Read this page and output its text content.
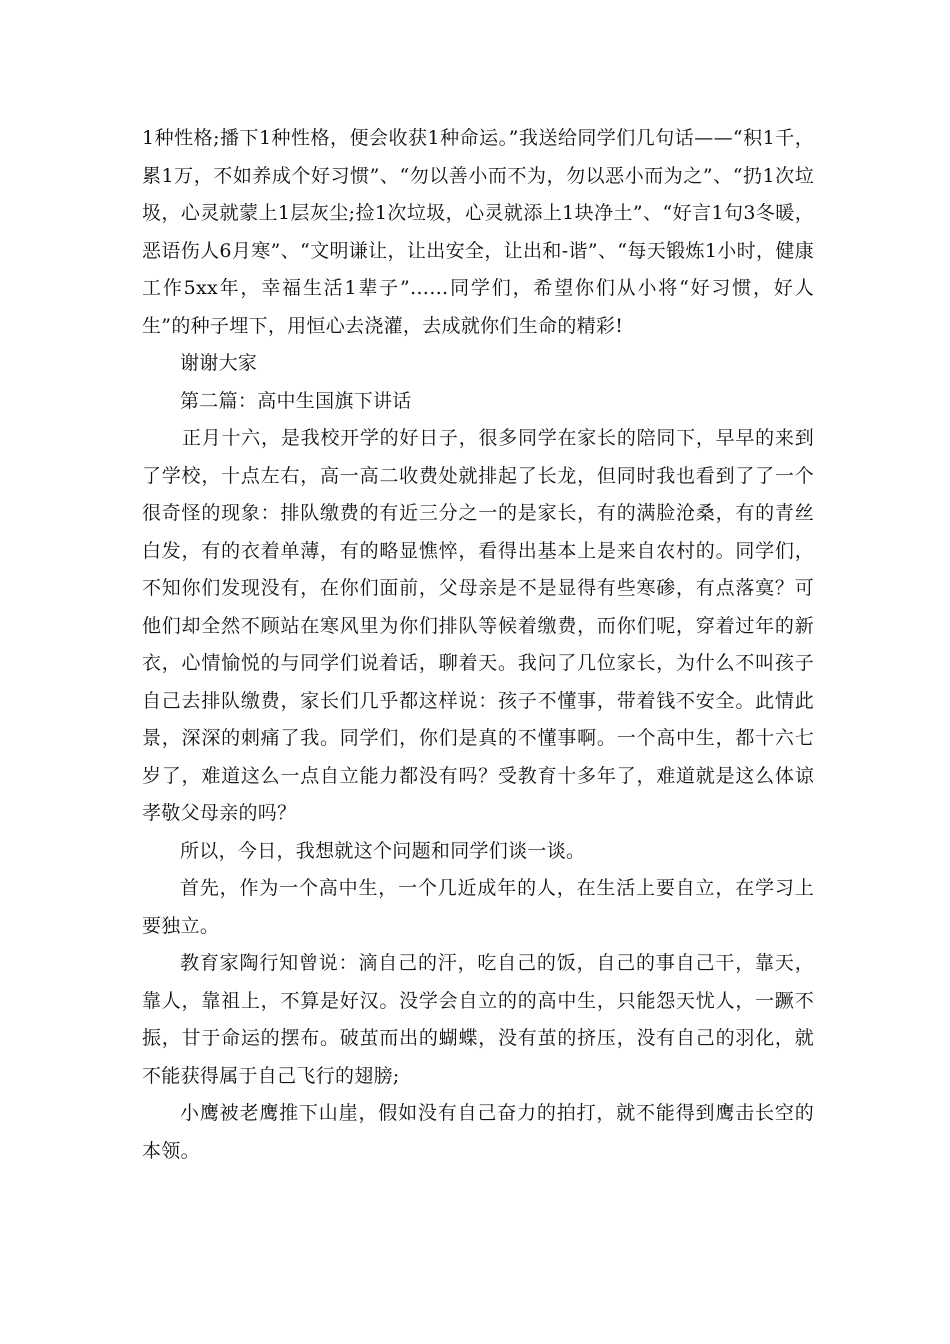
1种性格;播下1种性格，便会收获1种命运。”我送给同学们几句话——“积1千，累1万，不如养成个好习惯”、“勿以善小而不为，勿以恶小而为之”、“扔1次垃圾，心灵就蒙上1层灰尘;捡1次垃圾，心灵就添上1块净土”、“好言1句3冬暖，恶语伤人6月寒”、“文明谦让，让出安全，让出和-谐”、“每天锻炼1小时，健康工作5xx年，幸福生活1辈子”……同学们，希望你们从小将“好习惯，好人生”的种子埋下，用恒心去浇灌，去成就你们生命的精彩!

谢谢大家

第二篇：高中生国旗下讲话

正月十六，是我校开学的好日子，很多同学在家长的陪同下，早早的来到了学校，十点左右，高一高二收费处就排起了长龙，但同时我也看到了了一个很奇怪的现象：排队缴费的有近三分之一的是家长，有的满脸沧桑，有的青丝白发，有的衣着单薄，有的略显憔悴，看得出基本上是来自农村的。同学们，不知你们发现没有，在你们面前，父母亲是不是显得有些寒碜，有点落寞？可他们却全然不顾站在寒风里为你们排队等候着缴费，而你们呢，穿着过年的新衣，心情愉悦的与同学们说着话，聊着天。我问了几位家长，为什么不叫孩子自己去排队缴费，家长们几乎都这样说：孩子不懂事，带着钱不安全。此情此景，深深的刺痛了我。同学们，你们是真的不懂事啊。一个高中生，都十六七岁了，难道这么一点自立能力都没有吗？受教育十多年了，难道就是这么体谅孝敬父母亲的吗？

所以，今日，我想就这个问题和同学们谈一谈。

首先，作为一个高中生，一个几近成年的人，在生活上要自立，在学习上要独立。

教育家陶行知曾说：滴自己的汗，吃自己的饭，自己的事自己干，靠天，靠人，靠祖上，不算是好汉。没学会自立的的高中生，只能怨天忧人，一蹶不振，甘于命运的摆布。破茧而出的蝴蝶，没有茧的挤压，没有自己的羽化，就不能获得属于自己飞行的翅膀;

小鹰被老鹰推下山崖，假如没有自己奋力的拍打，就不能得到鹰击长空的本领。
